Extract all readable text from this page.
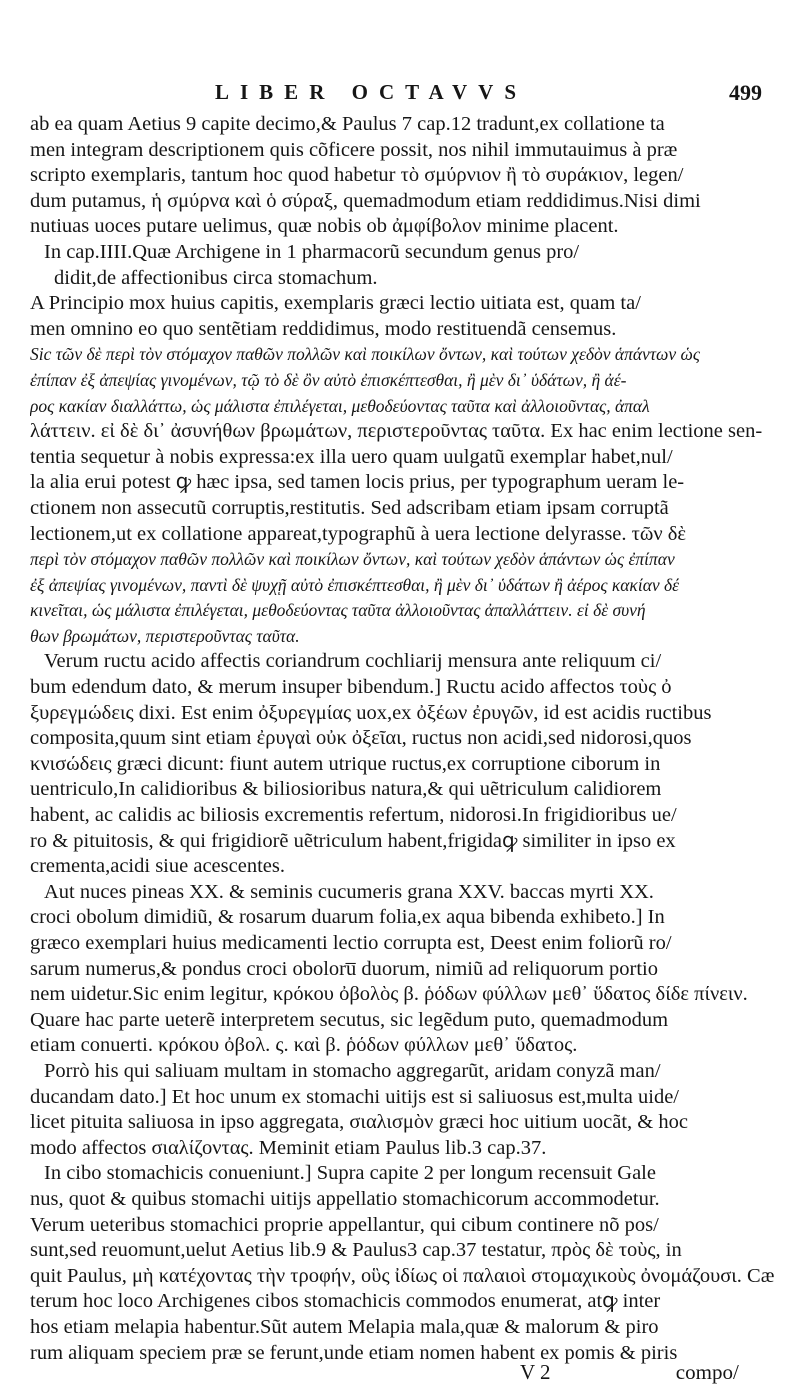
LIBER OCTAVVS	499
ab ea quam Aetius 9 capite decimo,& Paulus 7 cap.12 tradunt,ex collatione ta
men integram descriptionem quis cõficere possit, nos nihil immutauimus à præ
scripto exemplaris, tantum hoc quod habetur τὸ σμύρνιον ἢ τὸ συράκιον, legen/
dum putamus, ἡ σμύρνα καὶ ὁ σύραξ, quemadmodum etiam reddidimus.Nisi dimi
nutiuas uoces putare uelimus, quæ nobis ob ἀμφίβολον minime placent.
In cap.IIII.Quæ Archigene in 1 pharmacorũ secundum genus pro/
didit,de affectionibus circa stomachum.
A Principio mox huius capitis, exemplaris græci lectio uitiata est, quam ta/
men omnino eo quo sentẽtiam reddidimus, modo restituendã censemus.
Sic τῶν δὲ περὶ τὸν στόμαχον παθῶν πολλῶν καὶ ποικίλων ὄντων, καὶ τούτων χεδὸν ἁπάντων ὡς
ἐπίπαν ἐξ ἀπεψίας γινομένων, τῷ τὸ δὲ ὂν αὐτὸ ἐπισκέπτεσθαι, ἢ μὲν δι᾽ ὑδάτων, ἢ ἀέ-
ρος κακίαν διαλλάττω, ὡς μάλιστα ἐπιλέγεται, μεθοδεύοντας ταῦτα καὶ ἀλλοιοῦντας, ἀπαλ
λάττειν. εἰ δὲ δι᾽ ἀσυνήθων βρωμάτων, περιστεροῦντας ταῦτα. Ex hac enim lectione sen-
tentia sequetur à nobis expressa:ex illa uero quam uulgatũ exemplar habet,nul/
la alia erui potest ꝙ hæc ipsa, sed tamen locis prius, per typographum ueram le-
ctionem non assecutũ corruptis,restitutis. Sed adscribam etiam ipsam corruptã
lectionem,ut ex collatione appareat,typographũ à uera lectione delyrasse. τῶν δὲ
περὶ τὸν στόμαχον παθῶν πολλῶν καὶ ποικίλων ὄντων, καὶ τούτων χεδὸν ἁπάντων ὡς ἐπίπαν
ἐξ ἀπεψίας γινομένων, παντὶ δὲ ψυχῇ αὐτὸ ἐπισκέπτεσθαι, ἢ μὲν δι᾽ ὑδάτων ἢ ἀέρος κακίαν δέ
κινεῖται, ὡς μάλιστα ἐπιλέγεται, μεθοδεύοντας ταῦτα ἀλλοιοῦντας ἀπαλλάττειν. εἰ δὲ συνή
θων βρωμάτων, περιστεροῦντας ταῦτα.
Verum ructu acido affectis coriandrum cochliarĳ mensura ante reliquum ci/
bum edendum dato, & merum insuper bibendum.] Ructu acido affectos τοὺς ὀ
ξυρεγμώδεις dixi. Est enim ὀξυρεγμίας uox,ex ὀξέων ἐρυγῶν, id est acidis ructibus
composita,quum sint etiam ἐρυγαὶ οὐκ ὀξεῖαι, ructus non acidi,sed nidorosi,quos
κνισώδεις græci dicunt: fiunt autem utrique ructus,ex corruptione ciborum in
uentriculo,In calidioribus & biliosioribus natura,& qui uẽtriculum calidiorem
habent, ac calidis ac biliosis excrementis refertum, nidorosi.In frigidioribus ue/
ro & pituitosis, & qui frigidiorẽ uẽtriculum habent,frigidaꝙ similiter in ipso ex
crementa,acidi siue acescentes.
Aut nuces pineas XX. & seminis cucumeris grana XXV. baccas myrti XX.
croci obolum dimidiũ, & rosarum duarum folia,ex aqua bibenda exhibeto.] In
græco exemplari huius medicamenti lectio corrupta est, Deest enim foliorũ ro/
sarum numerus,& pondus croci oboloru̅ duorum, nimiũ ad reliquorum portio
nem uidetur.Sic enim legitur, κρόκου ὀβολὸς β. ῥόδων φύλλων μεθ᾽ ὕδατος δίδε πίνειν.
Quare hac parte ueterẽ interpretem secutus, sic legẽdum puto, quemadmodum
etiam conuerti. κρόκου ὀβολ. ς. καὶ β. ῥόδων φύλλων μεθ᾽ ὕδατος.
Porrò his qui saliuam multam in stomacho aggregarũt, aridam conyzã man/
ducandam dato.] Et hoc unum ex stomachi uitĳs est si saliuosus est,multa uide/
licet pituita saliuosa in ipso aggregata, σιαλισμὸν græci hoc uitium uocãt, & hoc
modo affectos σιαλίζοντας. Meminit etiam Paulus lib.3 cap.37.
In cibo stomachicis conueniunt.] Supra capite 2 per longum recensuit Gale
nus, quot & quibus stomachi uitĳs appellatio stomachicorum accommodetur.
Verum ueteribus stomachici proprie appellantur, qui cibum continere nõ pos/
sunt,sed reuomunt,uelut Aetius lib.9 & Paulus3 cap.37 testatur, πρὸς δὲ τοὺς, in
quit Paulus, μὴ κατέχοντας τὴν τροφήν, οὓς ἰδίως οἱ παλαιοὶ στομαχικοὺς ὀνομάζουσι. Cæ
terum hoc loco Archigenes cibos stomachicis commodos enumerat, atꝙ inter
hos etiam melapia habentur.Sũt autem Melapia mala,quæ & malorum & piro
rum aliquam speciem præ se ferunt,unde etiam nomen habent ex pomis & piris
V 2	compo/
